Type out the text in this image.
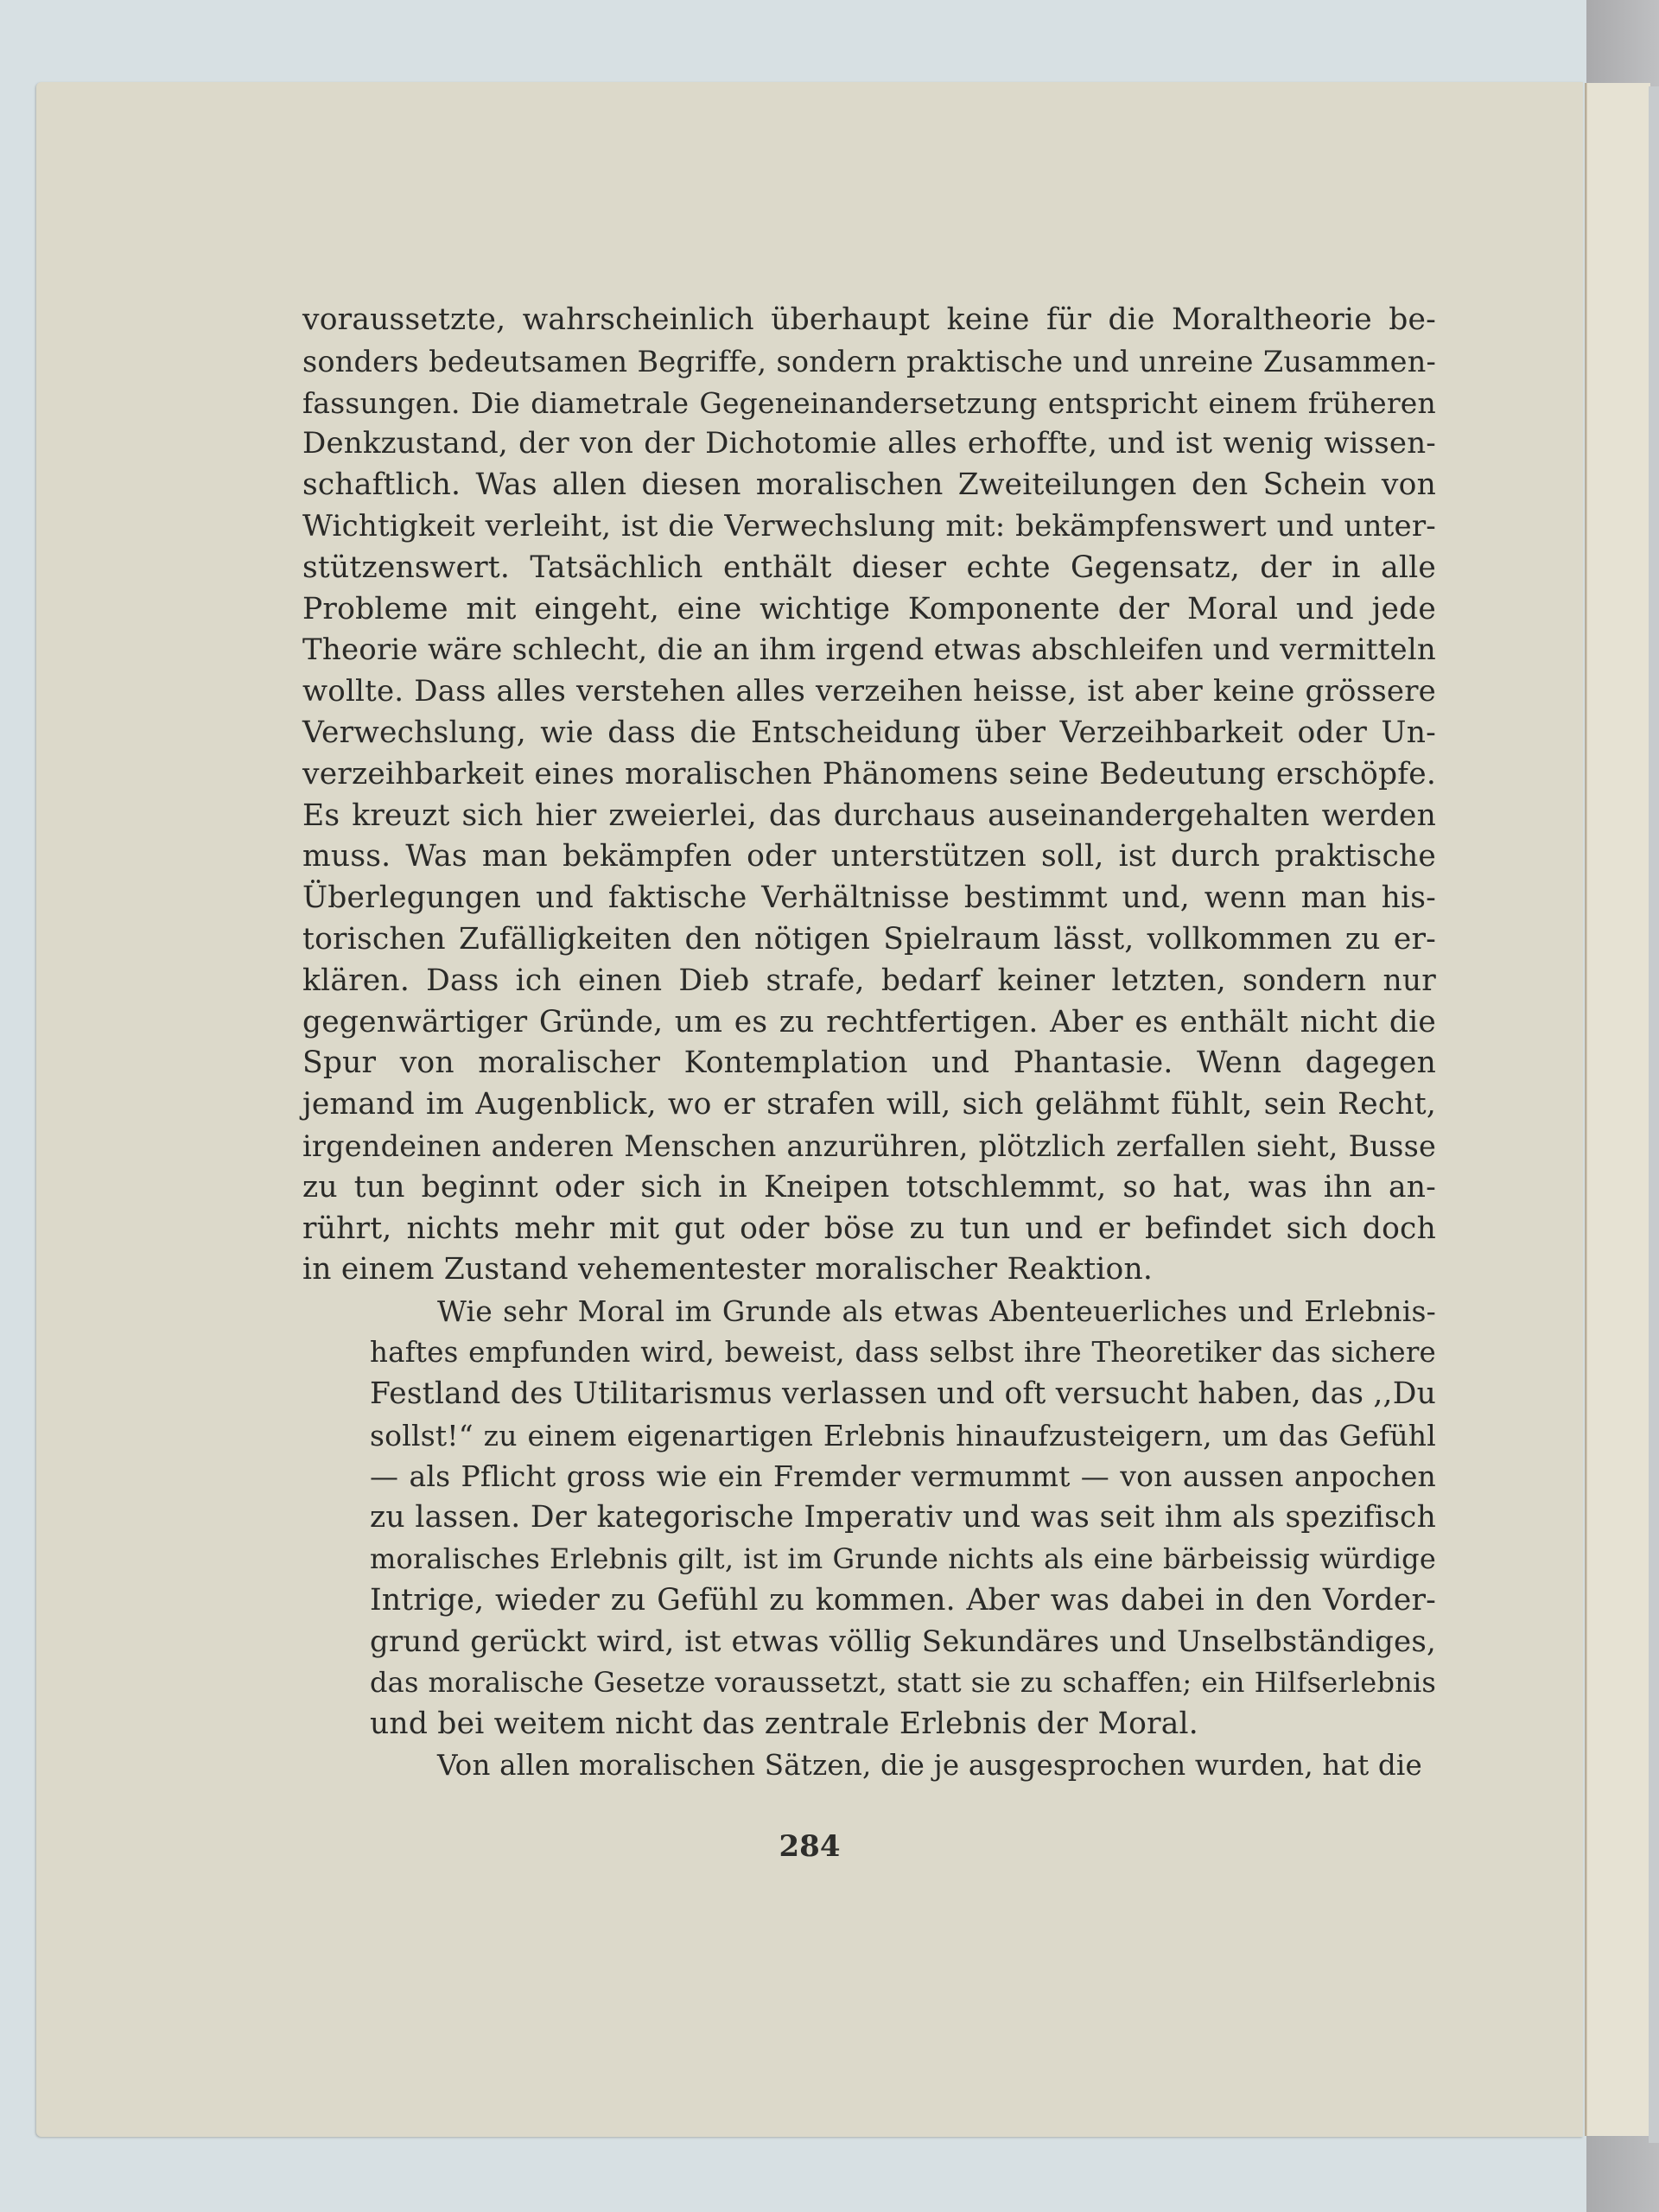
voraussetzte, wahrscheinlich überhaupt keine für die Moraltheorie be-
sonders bedeutsamen Begriffe, sondern praktische und unreine Zusammen-
fassungen. Die diametrale Gegeneinandersetzung entspricht einem früheren
Denkzustand, der von der Dichotomie alles erhoffte, und ist wenig wissen-
schaftlich. Was allen diesen moralischen Zweiteilungen den Schein von
Wichtigkeit verleiht, ist die Verwechslung mit: bekämpfenswert und unter-
stützenswert. Tatsächlich enthält dieser echte Gegensatz, der in alle
Probleme mit eingeht, eine wichtige Komponente der Moral und jede
Theorie wäre schlecht, die an ihm irgend etwas abschleifen und vermitteln
wollte. Dass alles verstehen alles verzeihen heisse, ist aber keine grössere
Verwechslung, wie dass die Entscheidung über Verzeihbarkeit oder Un-
verzeihbarkeit eines moralischen Phänomens seine Bedeutung erschöpfe.
Es kreuzt sich hier zweierlei, das durchaus auseinandergehalten werden
muss. Was man bekämpfen oder unterstützen soll, ist durch praktische
Überlegungen und faktische Verhältnisse bestimmt und, wenn man his-
torischen Zufälligkeiten den nötigen Spielraum lässt, vollkommen zu er-
klären. Dass ich einen Dieb strafe, bedarf keiner letzten, sondern nur
gegenwärtiger Gründe, um es zu rechtfertigen. Aber es enthält nicht die
Spur von moralischer Kontemplation und Phantasie. Wenn dagegen
jemand im Augenblick, wo er strafen will, sich gelähmt fühlt, sein Recht,
irgendeinen anderen Menschen anzurühren, plötzlich zerfallen sieht, Busse
zu tun beginnt oder sich in Kneipen totschlemmt, so hat, was ihn an-
rührt, nichts mehr mit gut oder böse zu tun und er befindet sich doch
in einem Zustand vehementester moralischer Reaktion.

Wie sehr Moral im Grunde als etwas Abenteuerliches und Erlebnis-
haftes empfunden wird, beweist, dass selbst ihre Theoretiker das sichere
Festland des Utilitarismus verlassen und oft versucht haben, das ,,Du
sollst!“ zu einem eigenartigen Erlebnis hinaufzusteigern, um das Gefühl
— als Pflicht gross wie ein Fremder vermummt — von aussen anpochen
zu lassen. Der kategorische Imperativ und was seit ihm als spezifisch
moralisches Erlebnis gilt, ist im Grunde nichts als eine bärbeissig würdige
Intrige, wieder zu Gefühl zu kommen. Aber was dabei in den Vorder-
grund gerückt wird, ist etwas völlig Sekundäres und Unselbständiges,
das moralische Gesetze voraussetzt, statt sie zu schaffen; ein Hilfserlebnis
und bei weitem nicht das zentrale Erlebnis der Moral.

Von allen moralischen Sätzen, die je ausgesprochen wurden, hat die

284
